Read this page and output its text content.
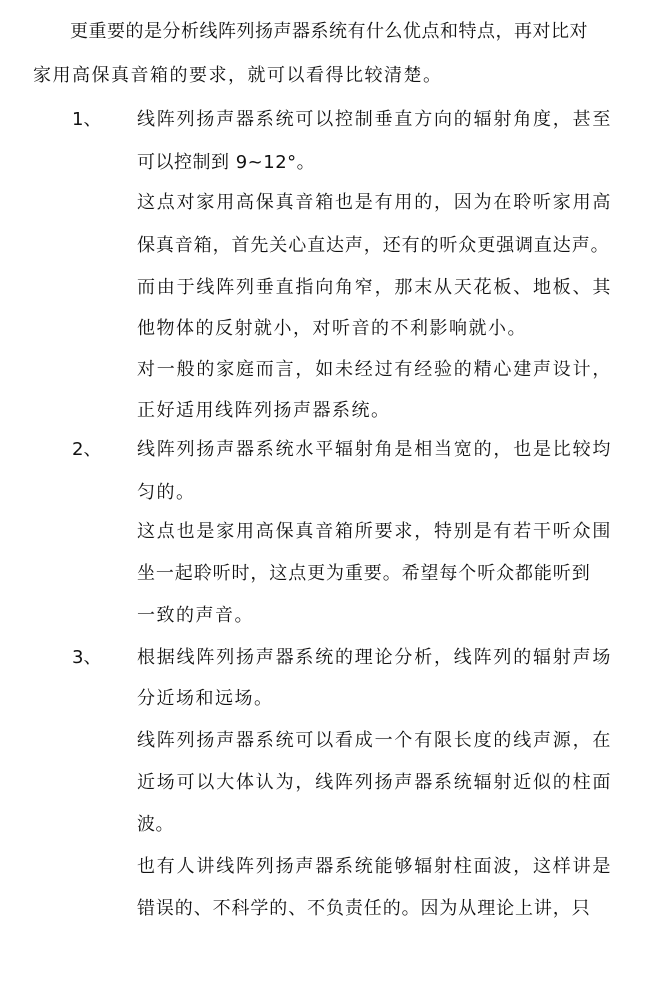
更重要的是分析线阵列扬声器系统有什么优点和特点，再对比对
家用高保真音箱的要求，就可以看得比较清楚。
1、 线阵列扬声器系统可以控制垂直方向的辐射角度，甚至
可以控制到 9~12°。
这点对家用高保真音箱也是有用的，因为在聆听家用高
保真音箱，首先关心直达声，还有的听众更强调直达声。
而由于线阵列垂直指向角窄，那末从天花板、地板、其
他物体的反射就小，对听音的不利影响就小。
对一般的家庭而言，如未经过有经验的精心建声设计，
正好适用线阵列扬声器系统。
2、 线阵列扬声器系统水平辐射角是相当宽的，也是比较均
匀的。
这点也是家用高保真音箱所要求，特别是有若干听众围
坐一起聆听时，这点更为重要。希望每个听众都能听到
一致的声音。
3、 根据线阵列扬声器系统的理论分析，线阵列的辐射声场
分近场和远场。
线阵列扬声器系统可以看成一个有限长度的线声源，在
近场可以大体认为，线阵列扬声器系统辐射近似的柱面
波。
也有人讲线阵列扬声器系统能够辐射柱面波，这样讲是
错误的、不科学的、不负责任的。因为从理论上讲，只
